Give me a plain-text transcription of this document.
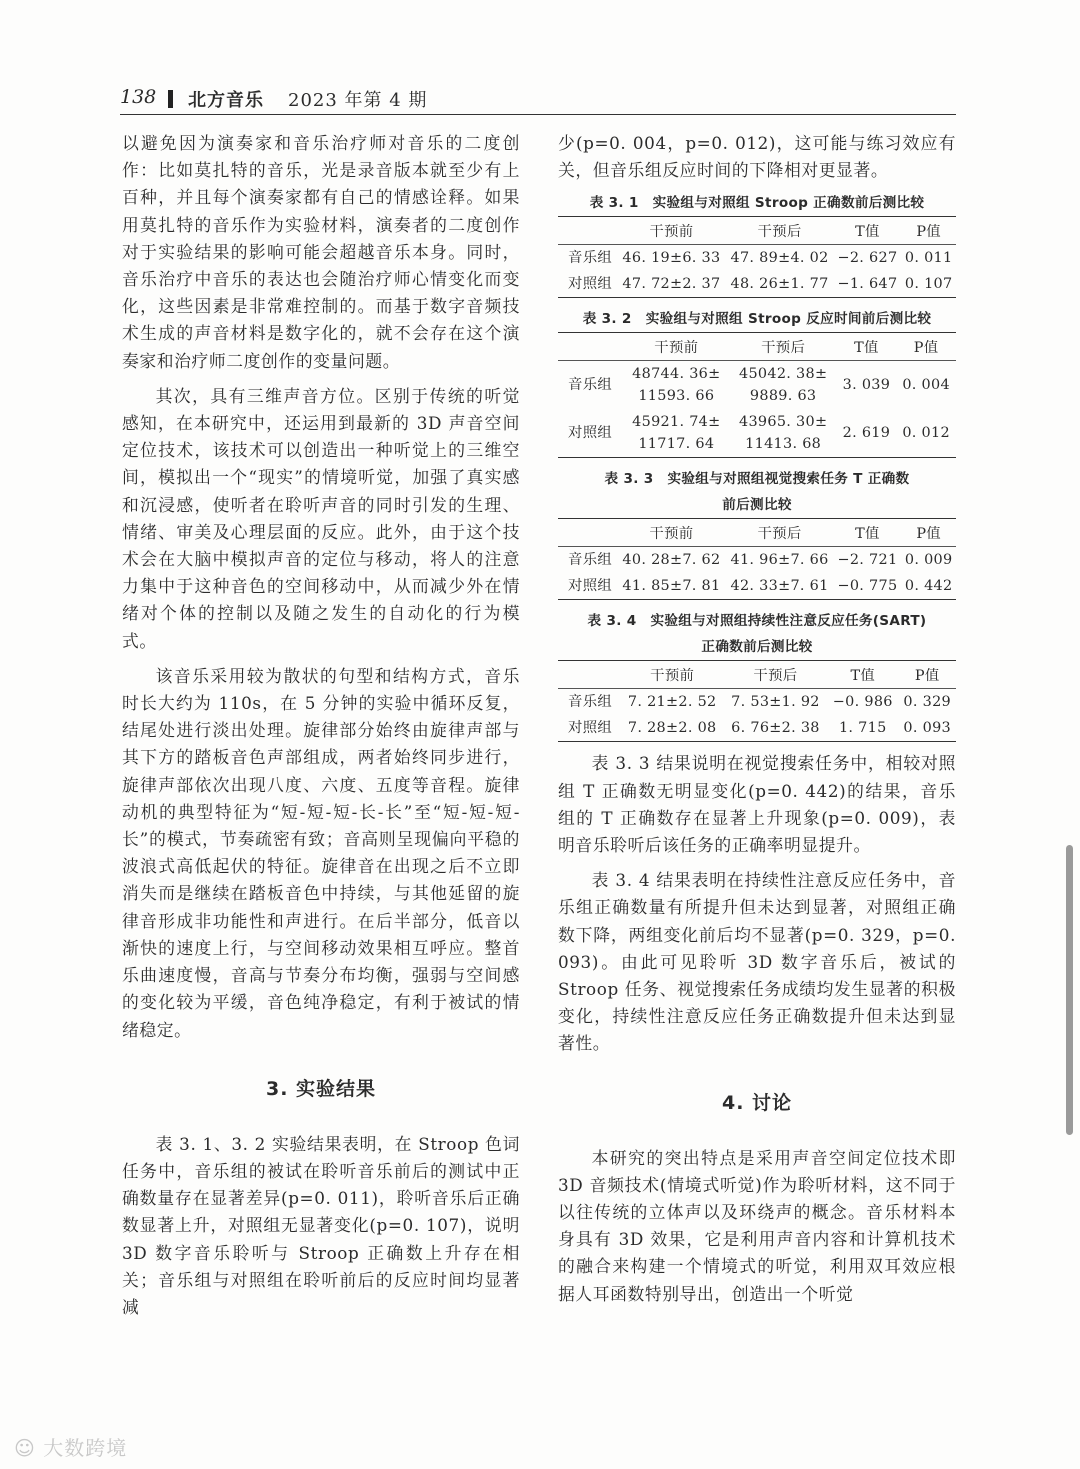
138 北方音乐 2023 年第 4 期

以避免因为演奏家和音乐治疗师对音乐的二度创作：比如莫扎特的音乐，光是录音版本就至少有上百种，并且每个演奏家都有自己的情感诠释。如果用莫扎特的音乐作为实验材料，演奏者的二度创作对于实验结果的影响可能会超越音乐本身。同时，音乐治疗中音乐的表达也会随治疗师心情变化而变化，这些因素是非常难控制的。而基于数字音频技术生成的声音材料是数字化的，就不会存在这个演奏家和治疗师二度创作的变量问题。

其次，具有三维声音方位。区别于传统的听觉感知，在本研究中，还运用到最新的 3D 声音空间定位技术，该技术可以创造出一种听觉上的三维空间，模拟出一个“现实”的情境听觉，加强了真实感和沉浸感，使听者在聆听声音的同时引发的生理、情绪、审美及心理层面的反应。此外，由于这个技术会在大脑中模拟声音的定位与移动，将人的注意力集中于这种音色的空间移动中，从而减少外在情绪对个体的控制以及随之发生的自动化的行为模式。

该音乐采用较为散状的句型和结构方式，音乐时长大约为 110s，在 5 分钟的实验中循环反复，结尾处进行淡出处理。旋律部分始终由旋律声部与其下方的踏板音色声部组成，两者始终同步进行，旋律声部依次出现八度、六度、五度等音程。旋律动机的典型特征为“短-短-短-长-长”至“短-短-短-长”的模式，节奏疏密有致；音高则呈现偏向平稳的波浪式高低起伏的特征。旋律音在出现之后不立即消失而是继续在踏板音色中持续，与其他延留的旋律音形成非功能性和声进行。在后半部分，低音以渐快的速度上行，与空间移动效果相互呼应。整首乐曲速度慢，音高与节奏分布均衡，强弱与空间感的变化较为平缓，音色纯净稳定，有利于被试的情绪稳定。

3. 实验结果

表 3. 1、3. 2 实验结果表明，在 Stroop 色词任务中，音乐组的被试在聆听音乐前后的测试中正确数量存在显著差异(p=0. 011)，聆听音乐后正确数显著上升，对照组无显著变化(p=0. 107)，说明 3D 数字音乐聆听与 Stroop 正确数上升存在相关；音乐组与对照组在聆听前后的反应时间均显著减

少(p=0. 004，p=0. 012)，这可能与练习效应有关，但音乐组反应时间的下降相对更显著。

表 3. 1 实验组与对照组 Stroop 正确数前后测比较
	干预前	干预后	T值	P值
音乐组	46. 19±6. 33	47. 89±4. 02	−2. 627	0. 011
对照组	47. 72±2. 37	48. 26±1. 77	−1. 647	0. 107
表 3. 2 实验组与对照组 Stroop 反应时间前后测比较
	干预前	干预后	T值	P值
音乐组	48744. 36±
11593. 66	45042. 38±
9889. 63	3. 039	0. 004
对照组	45921. 74±
11717. 64	43965. 30±
11413. 68	2. 619	0. 012
表 3. 3 实验组与对照组视觉搜索任务 T 正确数
前后测比较
	干预前	干预后	T值	P值
音乐组	40. 28±7. 62	41. 96±7. 66	−2. 721	0. 009
对照组	41. 85±7. 81	42. 33±7. 61	−0. 775	0. 442
表 3. 4 实验组与对照组持续性注意反应任务(SART)
正确数前后测比较
	干预前	干预后	T值	P值
音乐组	7. 21±2. 52	7. 53±1. 92	−0. 986	0. 329
对照组	7. 28±2. 08	6. 76±2. 38	1. 715	0. 093

表 3. 3 结果说明在视觉搜索任务中，相较对照组 T 正确数无明显变化(p=0. 442)的结果，音乐组的 T 正确数存在显著上升现象(p=0. 009)，表明音乐聆听后该任务的正确率明显提升。

表 3. 4 结果表明在持续性注意反应任务中，音乐组正确数量有所提升但未达到显著，对照组正确数下降，两组变化前后均不显著(p=0. 329，p=0. 093)。由此可见聆听 3D 数字音乐后，被试的 Stroop 任务、视觉搜索任务成绩均发生显著的积极变化，持续性注意反应任务正确数提升但未达到显著性。

4. 讨论

本研究的突出特点是采用声音空间定位技术即 3D 音频技术(情境式听觉)作为聆听材料，这不同于以往传统的立体声以及环绕声的概念。音乐材料本身具有 3D 效果，它是利用声音内容和计算机技术的融合来构建一个情境式的听觉，利用双耳效应根据人耳函数特别导出，创造出一个听觉

☺ 大数跨境
